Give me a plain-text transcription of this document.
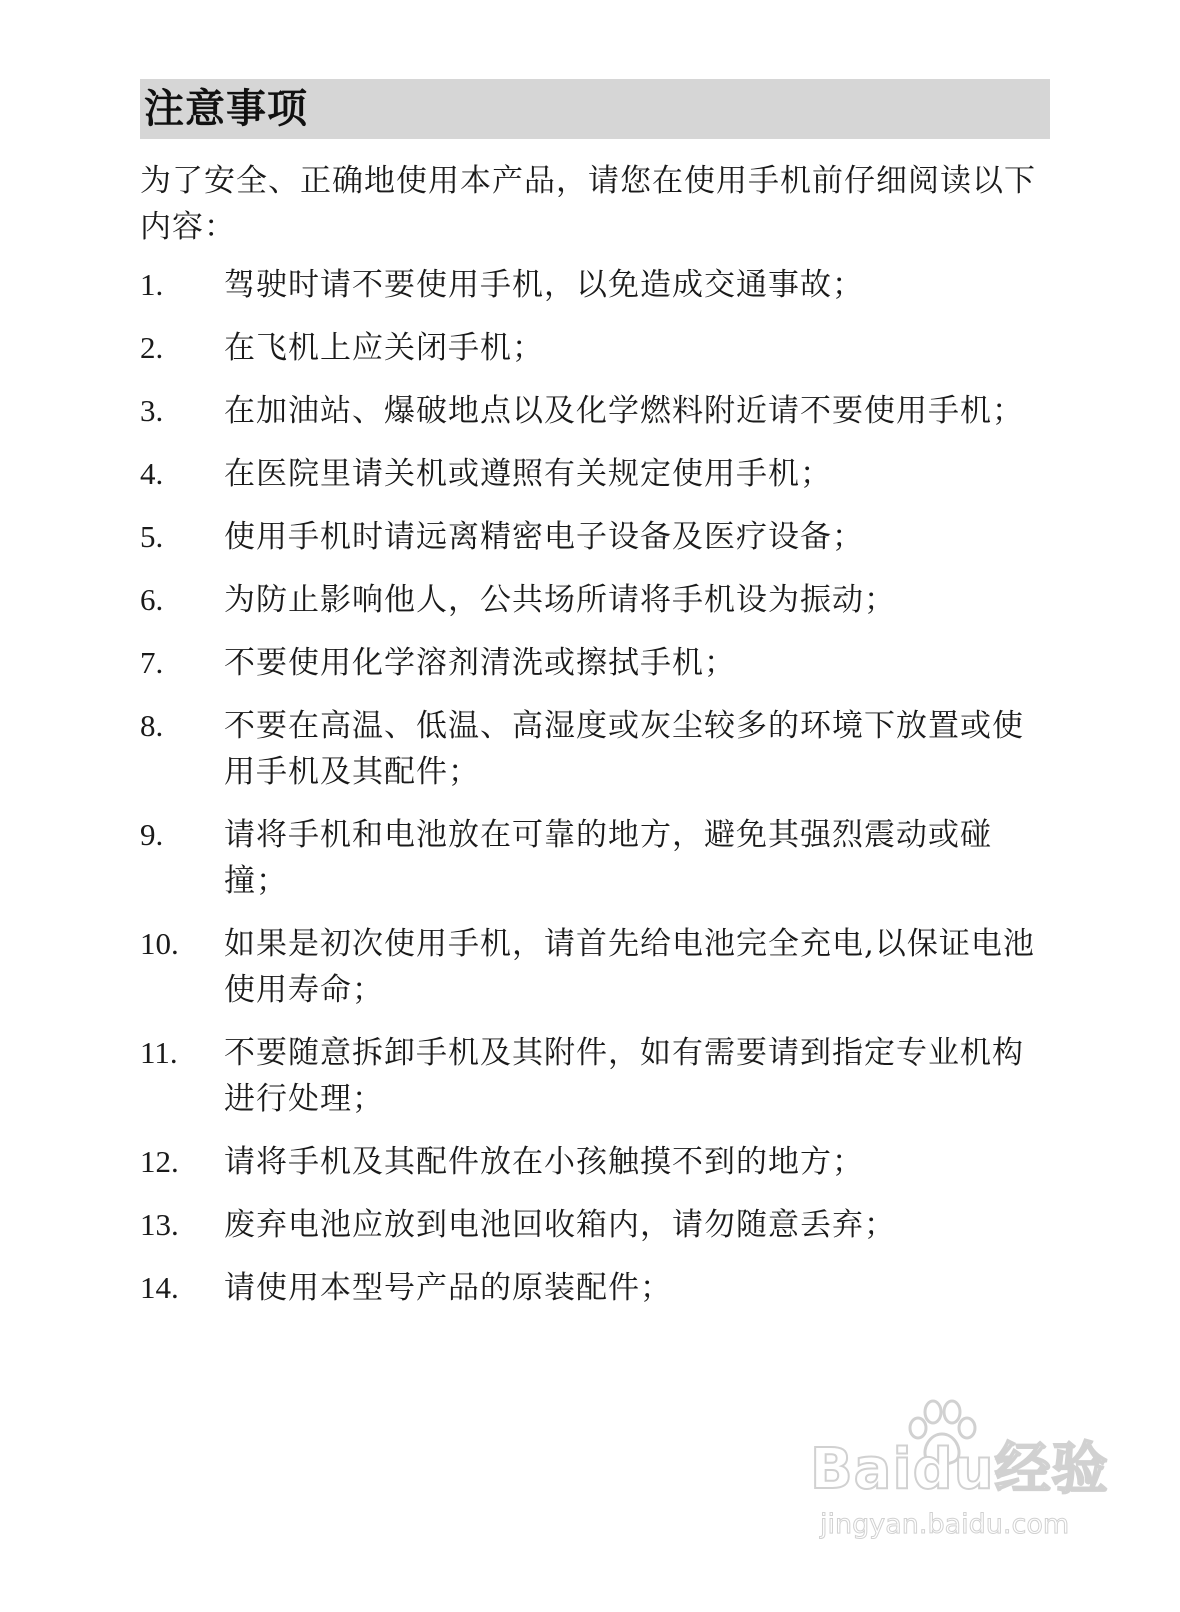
注意事项
为了安全、正确地使用本产品，请您在使用手机前仔细阅读以下内容：
1.	驾驶时请不要使用手机，以免造成交通事故；
2.	在飞机上应关闭手机；
3.	在加油站、爆破地点以及化学燃料附近请不要使用手机；
4.	在医院里请关机或遵照有关规定使用手机；
5.	使用手机时请远离精密电子设备及医疗设备；
6.	为防止影响他人，公共场所请将手机设为振动；
7.	不要使用化学溶剂清洗或擦拭手机；
8.	不要在高温、低温、高湿度或灰尘较多的环境下放置或使用手机及其配件；
9.	请将手机和电池放在可靠的地方，避免其强烈震动或碰撞；
10.	如果是初次使用手机，请首先给电池完全充电,以保证电池使用寿命；
11.	不要随意拆卸手机及其附件，如有需要请到指定专业机构进行处理；
12.	请将手机及其配件放在小孩触摸不到的地方；
13.	废弃电池应放到电池回收箱内，请勿随意丢弃；
14.	请使用本型号产品的原装配件；
Baidu经验
jingyan.baidu.com
